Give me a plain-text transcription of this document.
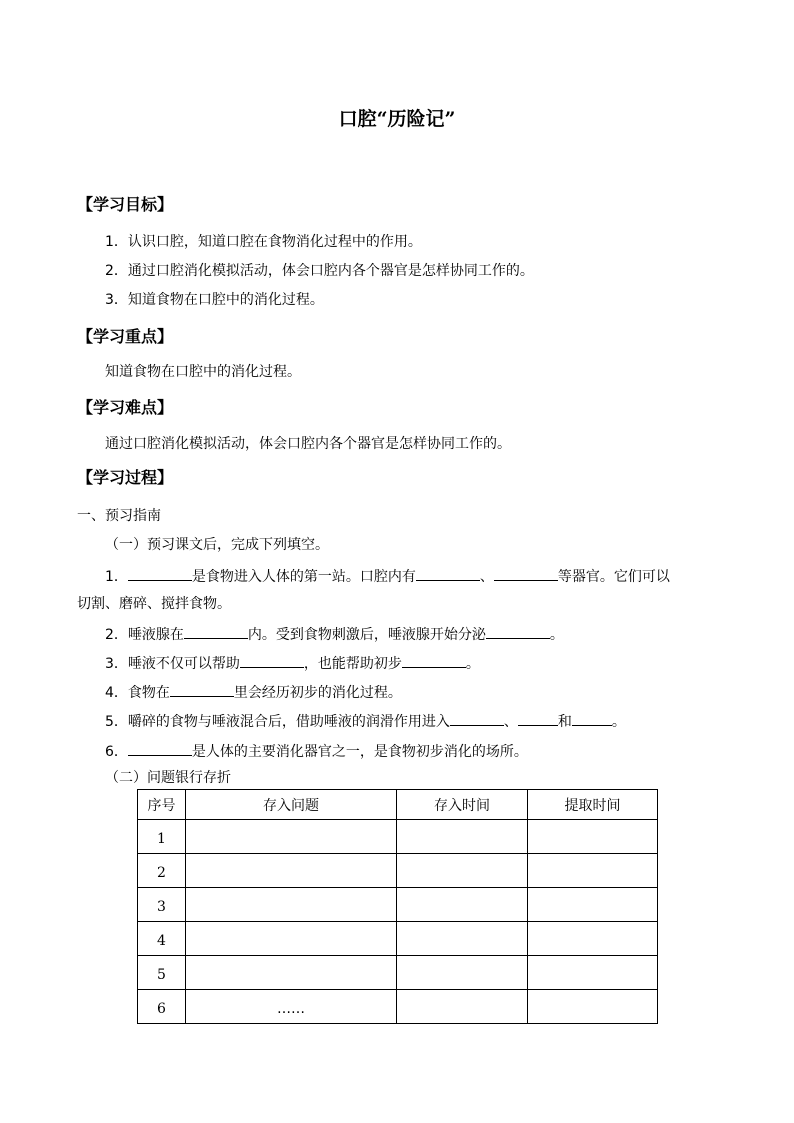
口腔“历险记”
【学习目标】
1．认识口腔，知道口腔在食物消化过程中的作用。
2．通过口腔消化模拟活动，体会口腔内各个器官是怎样协同工作的。
3．知道食物在口腔中的消化过程。
【学习重点】
知道食物在口腔中的消化过程。
【学习难点】
通过口腔消化模拟活动，体会口腔内各个器官是怎样协同工作的。
【学习过程】
一、预习指南
（一）预习课文后，完成下列填空。
1．	是食物进入人体的第一站。口腔内有	、	等器官。它们可以
切割、磨碎、搅拌食物。
2．唾液腺在	内。受到食物刺激后，唾液腺开始分泌	。
3．唾液不仅可以帮助	，也能帮助初步	。
4．食物在	里会经历初步的消化过程。
5．嚼碎的食物与唾液混合后，借助唾液的润滑作用进入	、	和	。
6．	是人体的主要消化器官之一，是食物初步消化的场所。
（二）问题银行存折
序号	存入问题	存入时间	提取时间
1			
2			
3			
4			
5			
6	……		
